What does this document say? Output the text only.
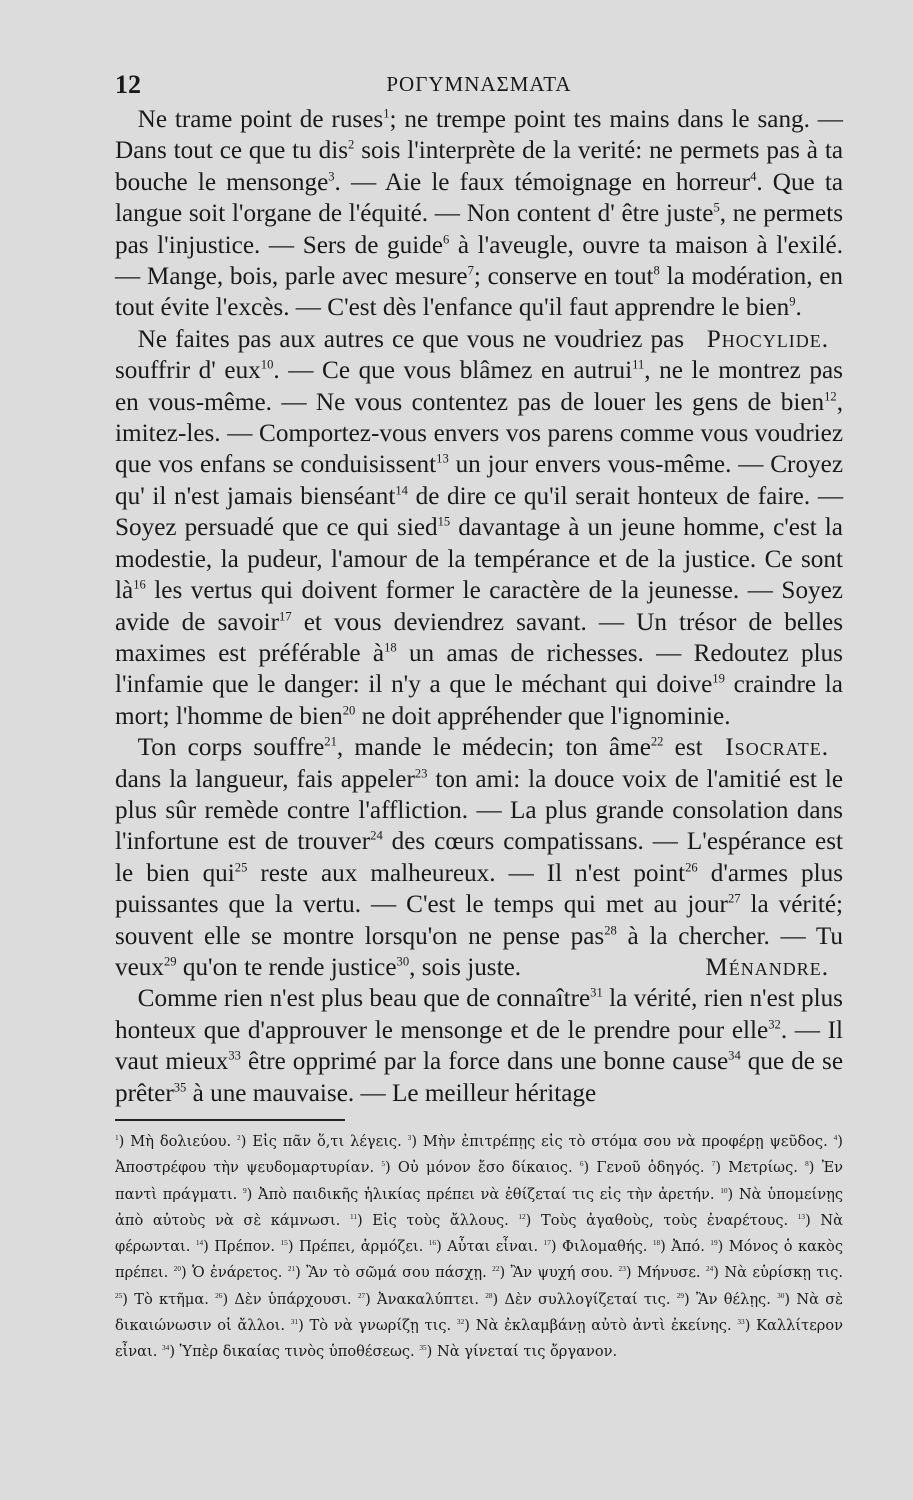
12	ΡΟΓΥΜΝΑΣΜΑΤΑ

Ne trame point de ruses$^1$; ne trempe point tes mains dans le sang. — Dans tout ce que tu dis$^2$ sois l'interprète de la verité: ne permets pas à ta bouche le mensonge$^3$. — Aie le faux témoignage en horreur$^4$. Que ta langue soit l'organe de l'équité. — Non content d' être juste$^5$, ne permets pas l'injustice. — Sers de guide$^6$ à l'aveugle, ouvre ta maison à l'exilé. — Mange, bois, parle avec mesure$^7$; conserve en tout$^8$ la modération, en tout évite l'excès. — C'est dès l'enfance qu'il faut apprendre le bien$^9$.
Phocylide.

Ne faites pas aux autres ce que vous ne voudriez pas souffrir d' eux$^{10}$. — Ce que vous blâmez en autrui$^{11}$, ne le montrez pas en vous-même. — Ne vous contentez pas de louer les gens de bien$^{12}$, imitez-les. — Comportez-vous envers vos parens comme vous voudriez que vos enfans se conduisissent$^{13}$ un jour envers vous-même. — Croyez qu' il n'est jamais bienséant$^{14}$ de dire ce qu'il serait honteux de faire. — Soyez persuadé que ce qui sied$^{15}$ davantage à un jeune homme, c'est la modestie, la pudeur, l'amour de la tempérance et de la justice. Ce sont $là^{16}$ les vertus qui doivent former le caractère de la jeunesse. — Soyez avide de savoir$^{17}$ et vous deviendrez savant. — Un trésor de belles maximes est préférable $à^{18}$ un amas de richesses. — Redoutez plus l'infamie que le danger: il n'y a que le méchant qui doive$^{19}$ craindre la mort; l'homme de bien$^{20}$ ne doit appréhender que l'ignominie.
Isocrate.

Ton corps souffre$^{21}$, mande le médecin; ton âme$^{22}$ est dans la langueur, fais appeler$^{23}$ ton ami: la douce voix de l'amitié est le plus sûr remède contre l'affliction. — La plus grande consolation dans l'infortune est de trouver$^{24}$ des cœurs compatissans. — L'espérance est le bien qui$^{25}$ reste aux malheureux. — Il n'est point$^{26}$ d'armes plus puissantes que la vertu. — C'est le temps qui met au jour$^{27}$ la vérité; souvent elle se montre lorsqu'on ne pense pas$^{28}$ à la chercher. — Tu veux$^{29}$ qu'on te rende justice$^{30}$, sois juste.	Ménandre.

Comme rien n'est plus beau que de connaître$^{31}$ la vérité, rien n'est plus honteux que d'approuver le mensonge et de le prendre pour elle$^{32}$. — Il vaut mieux$^{33}$ être opprimé par la force dans une bonne cause$^{34}$ que de se prêter$^{35}$ à une mauvaise. — Le meilleur héritage

$^1$) Μὴ δολιεύου. $^2$) Εἰς πᾶν ὅ,τι λέγεις. $^3$) Μὴν ἐπιτρέπῃς εἰς τὸ στόμα σου νὰ προφέρῃ ψεῦδος. $^4$) Ἀποστρέφου τὴν ψευδομαρτυρίαν. $^5$) Οὐ μόνον ἔσο δίκαιος. $^6$) Γενοῦ ὁδηγός. $^7$) Μετρίως. $^8$) Ἐν παντὶ πράγματι. $^9$) Ἀπὸ παιδικῆς ἡλικίας πρέπει νὰ ἐθίζεταί τις εἰς τὴν ἀρετήν. $^{10}$) Νὰ ὑπομείνῃς ἀπὸ αὐτοὺς νὰ σὲ κάμνωσι. $^{11}$) Εἰς τοὺς ἄλλους. $^{12}$) Τοὺς ἀγαθοὺς, τοὺς ἐναρέτους. $^{13}$) Νὰ φέρωνται. $^{14}$) Πρέπον. $^{15}$) Πρέπει, ἁρμόζει. $^{16}$) Αὗται εἶναι. $^{17}$) Φιλομαθής. $^{18}$) Ἀπό. $^{19}$) Μόνος ὁ κακὸς πρέπει. $^{20}$) Ὁ ἐνάρετος. $^{21}$) Ἂν τὸ σῶμά σου πάσχῃ. $^{22}$) Ἂν ψυχή σου. $^{23}$) Μήνυσε. $^{24}$) Νὰ εὑρίσκῃ τις. $^{25}$) Τὸ κτῆμα. $^{26}$) Δὲν ὑπάρχουσι. $^{27}$) Ἀνακαλύπτει. $^{28}$) Δὲν συλλογίζεταί τις. $^{29}$) Ἂν θέλῃς. $^{30}$) Νὰ σὲ δικαιώνωσιν οἱ ἄλλοι. $^{31}$) Τὸ νὰ γνωρίζῃ τις. $^{32}$) Νὰ ἐκλαμβάνῃ αὐτὸ ἀντὶ ἐκείνης. $^{33}$) Καλλίτερον εἶναι. $^{34}$) Ὑπὲρ δικαίας τινὸς ὑποθέσεως. $^{35}$) Νὰ γίνεταί τις ὄργανον.
